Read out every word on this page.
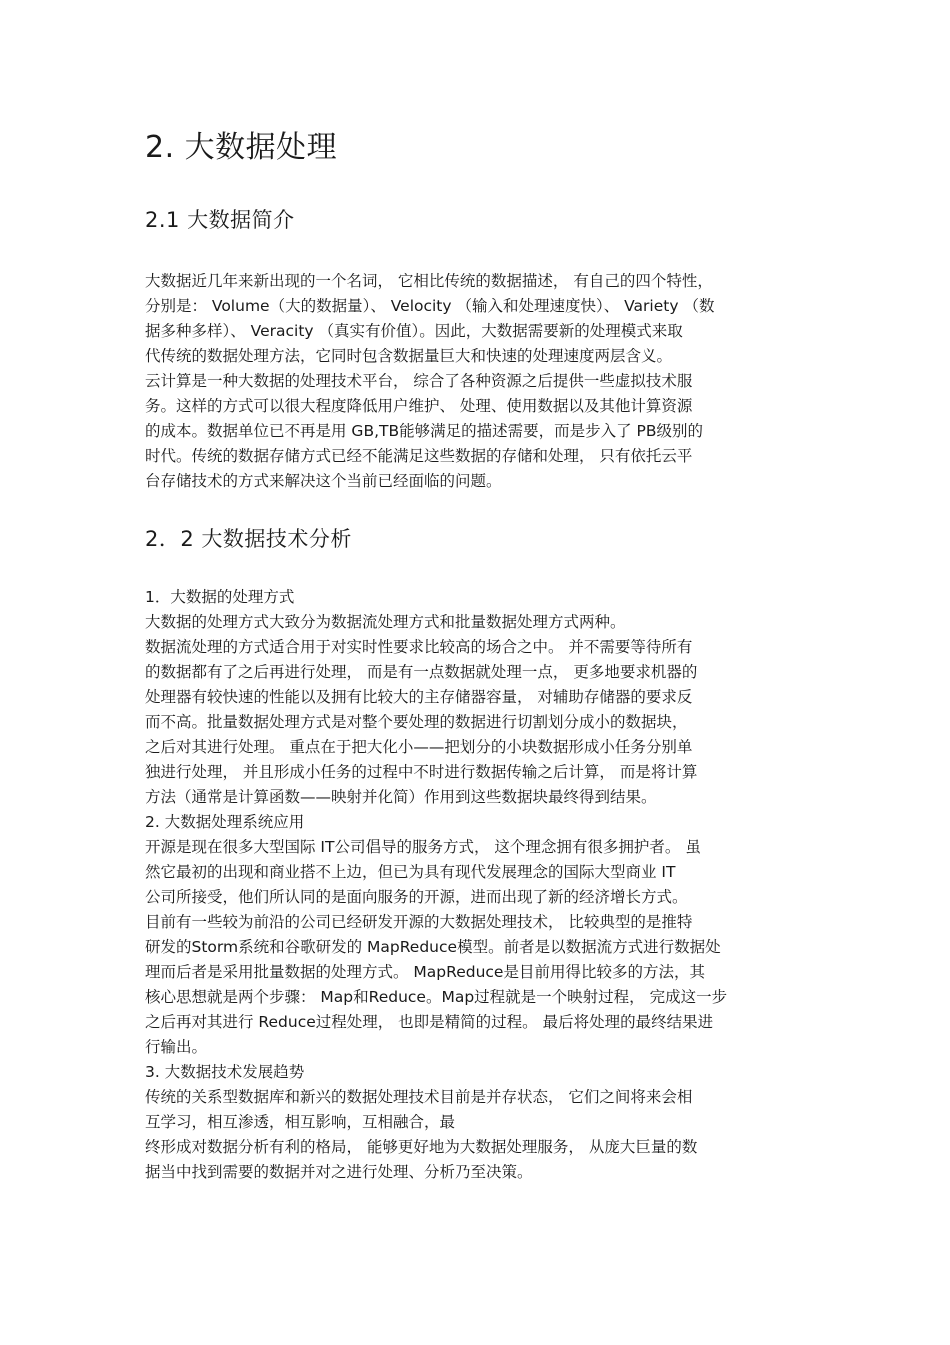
2. 大数据处理
2.1 大数据简介
大数据近几年来新出现的一个名词， 它相比传统的数据描述， 有自己的四个特性，
分别是： Volume（大的数据量）、 Velocity （输入和处理速度快）、 Variety （数
据多种多样）、 Veracity （真实有价值）。因此，大数据需要新的处理模式来取
代传统的数据处理方法，它同时包含数据量巨大和快速的处理速度两层含义。
云计算是一种大数据的处理技术平台， 综合了各种资源之后提供一些虚拟技术服
务。这样的方式可以很大程度降低用户维护、 处理、使用数据以及其他计算资源
的成本。数据单位已不再是用 GB,TB能够满足的描述需要，而是步入了 PB级别的
时代。传统的数据存储方式已经不能满足这些数据的存储和处理， 只有依托云平
台存储技术的方式来解决这个当前已经面临的问题。
2．2 大数据技术分析
1．大数据的处理方式
大数据的处理方式大致分为数据流处理方式和批量数据处理方式两种。
数据流处理的方式适合用于对实时性要求比较高的场合之中。 并不需要等待所有
的数据都有了之后再进行处理， 而是有一点数据就处理一点， 更多地要求机器的
处理器有较快速的性能以及拥有比较大的主存储器容量， 对辅助存储器的要求反
而不高。批量数据处理方式是对整个要处理的数据进行切割划分成小的数据块，
之后对其进行处理。 重点在于把大化小——把划分的小块数据形成小任务分别单
独进行处理， 并且形成小任务的过程中不时进行数据传输之后计算， 而是将计算
方法（通常是计算函数——映射并化简）作用到这些数据块最终得到结果。
2. 大数据处理系统应用
开源是现在很多大型国际 IT公司倡导的服务方式， 这个理念拥有很多拥护者。 虽
然它最初的出现和商业搭不上边，但已为具有现代发展理念的国际大型商业 IT
公司所接受，他们所认同的是面向服务的开源，进而出现了新的经济增长方式。
目前有一些较为前沿的公司已经研发开源的大数据处理技术， 比较典型的是推特
研发的Storm系统和谷歌研发的 MapReduce模型。前者是以数据流方式进行数据处
理而后者是采用批量数据的处理方式。 MapReduce是目前用得比较多的方法，其
核心思想就是两个步骤： Map和Reduce。Map过程就是一个映射过程， 完成这一步
之后再对其进行 Reduce过程处理， 也即是精简的过程。 最后将处理的最终结果进
行输出。
3. 大数据技术发展趋势
传统的关系型数据库和新兴的数据处理技术目前是并存状态， 它们之间将来会相
互学习，相互渗透，相互影响，互相融合，最
终形成对数据分析有利的格局， 能够更好地为大数据处理服务， 从庞大巨量的数
据当中找到需要的数据并对之进行处理、分析乃至决策。
